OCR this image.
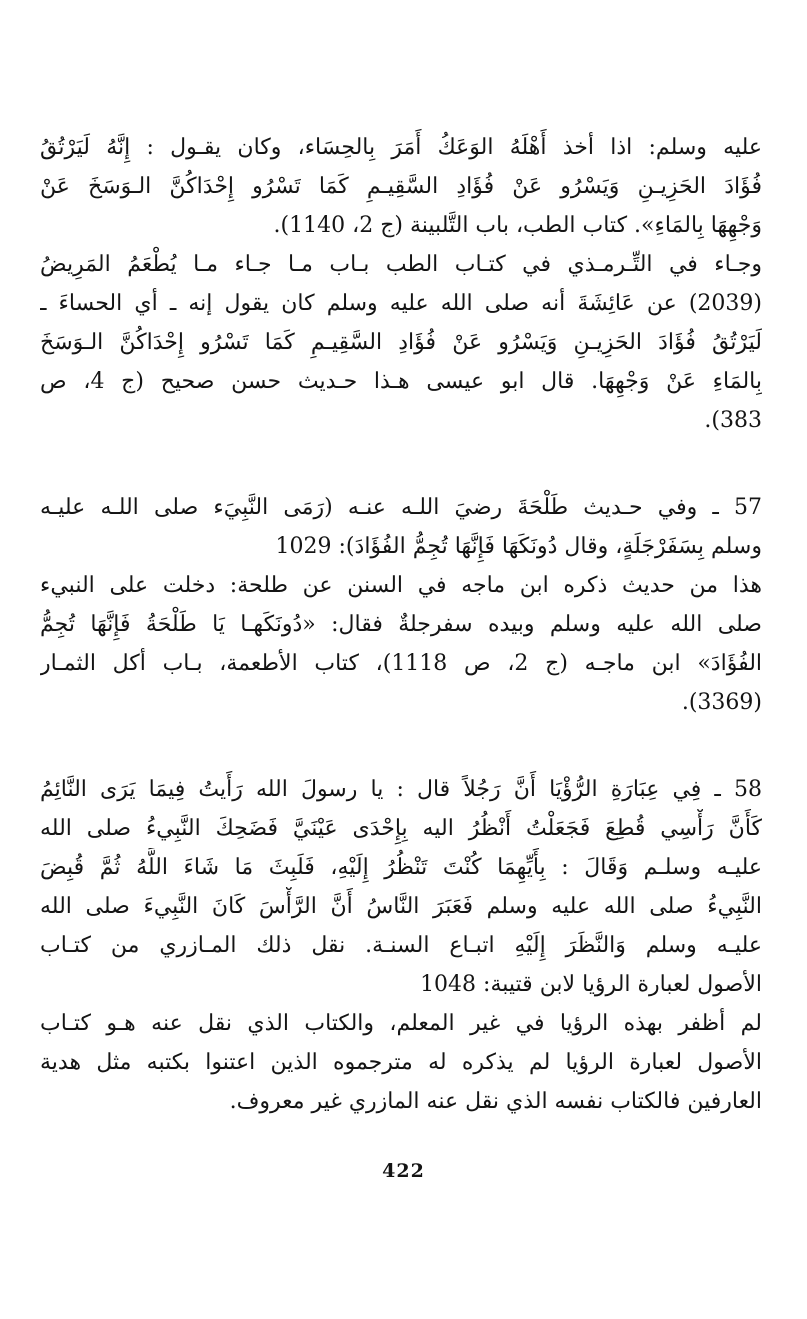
عليه وسلم: اذا أخذ أَهْلَهُ الوَعَكُ أَمَرَ بِالحِسَاء، وكان يقـول : إِنَّهُ لَيَرْتُقُ
فُؤَادَ الحَزِيـنِ وَيَسْرُو عَنْ فُؤَادِ السَّقِيـمِ كَمَا تَسْرُو إِحْدَاكُنَّ الـوَسَخَ عَنْ
وَجْهِهَا بِالمَاءِ». كتاب الطب، باب التَّلبينة (ج 2، 1140).
وجـاء في التِّـرمـذي في كتـاب الطب بـاب مـا جـاء مـا يُطْعَمُ المَرِيضُ
(2039) عن عَائِشَةَ أنه صلى الله عليه وسلم كان يقول إنه ـ أي الحساءَ ـ
لَيَرْتُقُ فُؤَادَ الحَزِيـنِ وَيَسْرُو عَنْ فُؤَادِ السَّقِيـمِ كَمَا تَسْرُو إِحْدَاكُنَّ الـوَسَخَ
بِالمَاءِ عَنْ وَجْهِهَا. قال ابو عيسى هـذا حـديث حسن صحيح (ج 4، ص
383).
57 ـ وفي حـديث طَلْحَةَ رضيَ اللـه عنـه (رَمَى النَّبِيَء صلى اللـه عليـه
وسلم بِسَفَرْجَلَةٍ، وقال دُونَكَهَا فَإِنَّهَا تُجِمُّ الفُؤَادَ): 1029
هذا من حديث ذكره ابن ماجه في السنن عن طلحة: دخلت على النبيء
صلى الله عليه وسلم وبيده سفرجلةٌ فقال: «دُونَكَهـا يَا طَلْحَةُ فَإِنَّهَا تُجِمُّ
الفُؤَادَ» ابن ماجـه (ج 2، ص 1118)، كتاب الأطعمة، بـاب أكل الثمـار
(3369).
58 ـ فِي عِبَارَةِ الرُّؤْيَا أَنَّ رَجُلاً قال : يا رسولَ الله رَأَيتُ فِيمَا يَرَى النَّائِمُ
كَأَنَّ رَأْسِي قُطِعَ فَجَعَلْتُ أَنْظُرُ اليه بِإِحْدَى عَيْنَيَّ فَضَحِكَ النَّبِيءُ صلى الله
عليـه وسلـم وَقَالَ : بِأَيِّهِمَا كُنْتَ تَنْظُرُ إِلَيْهِ، فَلَبِثَ مَا شَاءَ اللَّهُ ثُمَّ قُبِضَ
النَّبِيءُ صلى الله عليه وسلم فَعَبَرَ النَّاسُ أَنَّ الرَّأْسَ كَانَ النَّبِيءَ صلى الله
عليـه وسلم وَالنَّظَرَ إِلَيْهِ اتبـاع السنـة. نقل ذلك المـازري من كتـاب
الأصول لعبارة الرؤيا لابن قتيبة: 1048
لم أظفر بهذه الرؤيا في غير المعلم، والكتاب الذي نقل عنه هـو كتـاب
الأصول لعبارة الرؤيا لم يذكره له مترجموه الذين اعتنوا بكتبه مثل هدية
العارفين فالكتاب نفسه الذي نقل عنه المازري غير معروف.
422
